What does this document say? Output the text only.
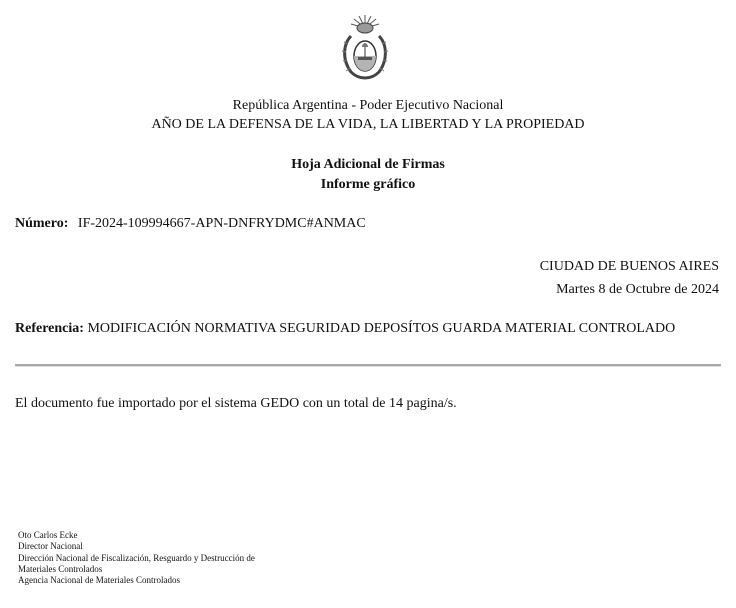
República Argentina - Poder Ejecutivo Nacional
AÑO DE LA DEFENSA DE LA VIDA, LA LIBERTAD Y LA PROPIEDAD
Hoja Adicional de Firmas
Informe gráfico
Número: IF-2024-109994667-APN-DNFRYDMC#ANMAC
CIUDAD DE BUENOS AIRES
Martes 8 de Octubre de 2024
Referencia: MODIFICACIÓN NORMATIVA SEGURIDAD DEPOSÍTOS GUARDA MATERIAL CONTROLADO
El documento fue importado por el sistema GEDO con un total de 14 pagina/s.
Oto Carlos Ecke
Director Nacional
Dirección Nacional de Fiscalización, Resguardo y Destrucción de
Materiales Controlados
Agencia Nacional de Materiales Controlados
